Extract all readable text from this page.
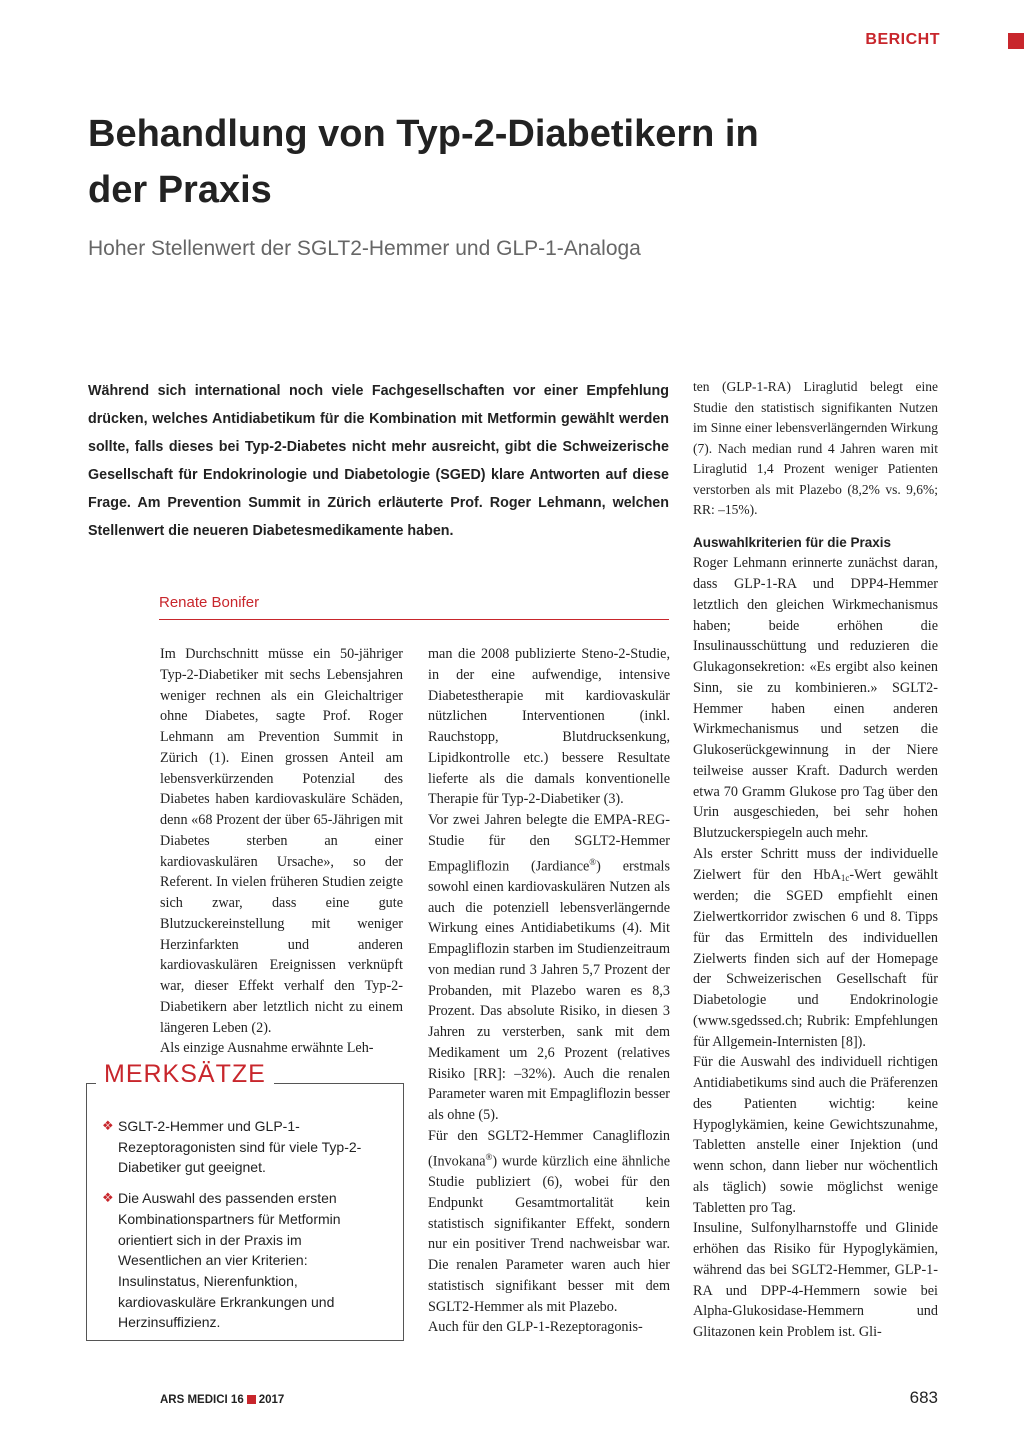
BERICHT
Behandlung von Typ-2-Diabetikern in der Praxis
Hoher Stellenwert der SGLT2-Hemmer und GLP-1-Analoga

Während sich international noch viele Fachgesellschaften vor einer Empfehlung drücken, welches Antidiabetikum für die Kombination mit Metformin gewählt werden sollte, falls dieses bei Typ-2-Diabetes nicht mehr ausreicht, gibt die Schweizerische Gesellschaft für Endokrinologie und Diabetologie (SGED) klare Antworten auf diese Frage. Am Prevention Summit in Zürich erläuterte Prof. Roger Lehmann, welchen Stellenwert die neueren Diabetesmedikamente haben.

Renate Bonifer

Im Durchschnitt müsse ein 50-jähriger Typ-2-Diabetiker mit sechs Lebensjahren weniger rechnen als ein Gleichaltriger ohne Diabetes, sagte Prof. Roger Lehmann am Prevention Summit in Zürich (1). Einen grossen Anteil am lebensverkürzenden Potenzial des Diabetes haben kardiovaskuläre Schäden, denn «68 Prozent der über 65-Jährigen mit Diabetes sterben an einer kardiovaskulären Ursache», so der Referent. In vielen früheren Studien zeigte sich zwar, dass eine gute Blutzuckereinstellung mit weniger Herzinfarkten und anderen kardiovaskulären Ereignissen verknüpft war, dieser Effekt verhalf den Typ-2-Diabetikern aber letztlich nicht zu einem längeren Leben (2).

Als einzige Ausnahme erwähnte Leh-

man die 2008 publizierte Steno-2-Studie, in der eine aufwendige, intensive Diabetestherapie mit kardiovaskulär nützlichen Interventionen (inkl. Rauchstopp, Blutdrucksenkung, Lipidkontrolle etc.) bessere Resultate lieferte als die damals konventionelle Therapie für Typ-2-Diabetiker (3).

Vor zwei Jahren belegte die EMPA-REG-Studie für den SGLT2-Hemmer Empagliflozin (Jardiance®) erstmals sowohl einen kardiovaskulären Nutzen als auch die potenziell lebensverlängernde Wirkung eines Antidiabetikums (4). Mit Empagliflozin starben im Studienzeitraum von median rund 3 Jahren 5,7 Prozent der Probanden, mit Plazebo waren es 8,3 Prozent. Das absolute Risiko, in diesen 3 Jahren zu versterben, sank mit dem Medikament um 2,6 Prozent (relatives Risiko [RR]: –32%). Auch die renalen Parameter waren mit Empagliflozin besser als ohne (5).

Für den SGLT2-Hemmer Canagliflozin (Invokana®) wurde kürzlich eine ähnliche Studie publiziert (6), wobei für den Endpunkt Gesamtmortalität kein statistisch signifikanter Effekt, sondern nur ein positiver Trend nachweisbar war. Die renalen Parameter waren auch hier statistisch signifikant besser mit dem SGLT2-Hemmer als mit Plazebo.

Auch für den GLP-1-Rezeptoragonis-

ten (GLP-1-RA) Liraglutid belegt eine Studie den statistisch signifikanten Nutzen im Sinne einer lebensverlängernden Wirkung (7). Nach median rund 4 Jahren waren mit Liraglutid 1,4 Prozent weniger Patienten verstorben als mit Plazebo (8,2% vs. 9,6%; RR: –15%).

Auswahlkriterien für die Praxis

Roger Lehmann erinnerte zunächst daran, dass GLP-1-RA und DPP4-Hemmer letztlich den gleichen Wirkmechanismus haben; beide erhöhen die Insulinausschüttung und reduzieren die Glukagonsekretion: «Es ergibt also keinen Sinn, sie zu kombinieren.» SGLT2-Hemmer haben einen anderen Wirkmechanismus und setzen die Glukoserückgewinnung in der Niere teilweise ausser Kraft. Dadurch werden etwa 70 Gramm Glukose pro Tag über den Urin ausgeschieden, bei sehr hohen Blutzuckerspiegeln auch mehr.

Als erster Schritt muss der individuelle Zielwert für den HbA$_{1c}$-Wert gewählt werden; die SGED empfiehlt einen Zielwertkorridor zwischen 6 und 8. Tipps für das Ermitteln des individuellen Zielwerts finden sich auf der Homepage der Schweizerischen Gesellschaft für Diabetologie und Endokrinologie (www.sgedssed.ch; Rubrik: Empfehlungen für Allgemein-Internisten [8]).

Für die Auswahl des individuell richtigen Antidiabetikums sind auch die Präferenzen des Patienten wichtig: keine Hypoglykämien, keine Gewichtszunahme, Tabletten anstelle einer Injektion (und wenn schon, dann lieber nur wöchentlich als täglich) sowie möglichst wenige Tabletten pro Tag.

Insuline, Sulfonylharnstoffe und Glinide erhöhen das Risiko für Hypoglykämien, während das bei SGLT2-Hemmer, GLP-1-RA und DPP-4-Hemmern sowie bei Alpha-Glukosidase-Hemmern und Glitazonen kein Problem ist. Gli-

MERKSÄTZE
❖ SGLT-2-Hemmer und GLP-1-Rezeptoragonisten sind für viele Typ-2-Diabetiker gut geeignet.
❖ Die Auswahl des passenden ersten Kombinationspartners für Metformin orientiert sich in der Praxis im Wesentlichen an vier Kriterien: Insulinstatus, Nierenfunktion, kardiovaskuläre Erkrankungen und Herzinsuffizienz.
ARS MEDICI 16 2017	683
